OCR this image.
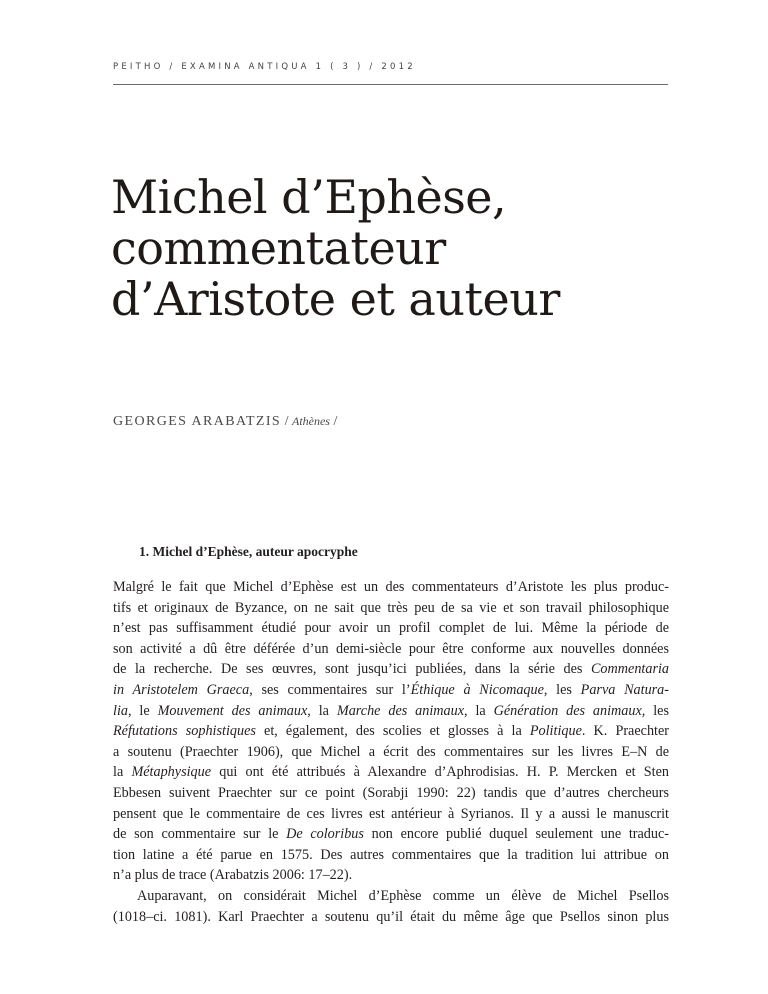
PEITHO / EXAMINA ANTIQUA 1 ( 3 ) / 2012
Michel d’Ephèse,
commentateur
d’Aristote et auteur
GEORGES ARABATZIS / Athènes /
1. Michel d’Ephèse, auteur apocryphe

Malgré le fait que Michel d’Ephèse est un des commentateurs d’Aristote les plus produc-
tifs et originaux de Byzance, on ne sait que très peu de sa vie et son travail philosophique
n’est pas suffisamment étudié pour avoir un profil complet de lui. Même la période de
son activité a dû être déférée d’un demi-siècle pour être conforme aux nouvelles données
de la recherche. De ses œuvres, sont jusqu’ici publiées, dans la série des Commentaria
in Aristotelem Graeca, ses commentaires sur l’Éthique à Nicomaque, les Parva Natura-
lia, le Mouvement des animaux, la Marche des animaux, la Génération des animaux, les
Réfutations sophistiques et, également, des scolies et glosses à la Politique. K. Praechter
a soutenu (Praechter 1906), que Michel a écrit des commentaires sur les livres E–N de
la Métaphysique qui ont été attribués à Alexandre d’Aphrodisias. H. P. Mercken et Sten
Ebbesen suivent Praechter sur ce point (Sorabji 1990: 22) tandis que d’autres chercheurs
pensent que le commentaire de ces livres est antérieur à Syrianos. Il y a aussi le manuscrit
de son commentaire sur le De coloribus non encore publié duquel seulement une traduc-
tion latine a été parue en 1575. Des autres commentaires que la tradition lui attribue on
n’a plus de trace (Arabatzis 2006: 17–22).

Auparavant, on considérait Michel d’Ephèse comme un élève de Michel Psellos
(1018–ci. 1081). Karl Praechter a soutenu qu’il était du même âge que Psellos sinon plus
